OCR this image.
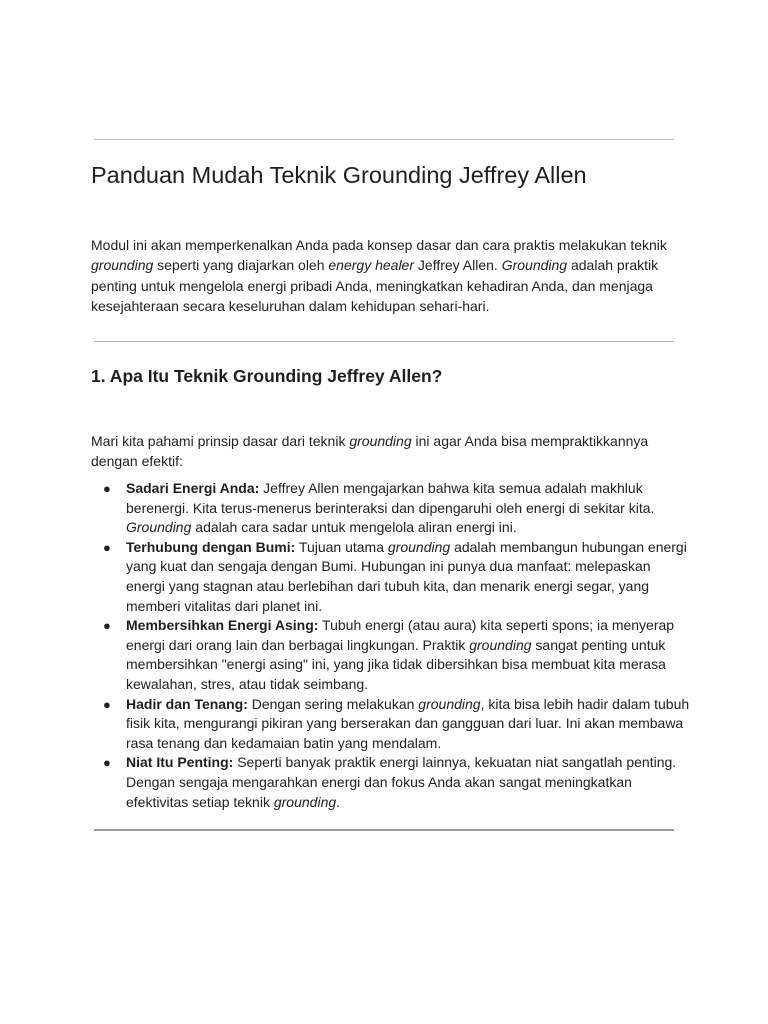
Panduan Mudah Teknik Grounding Jeffrey Allen

Modul ini akan memperkenalkan Anda pada konsep dasar dan cara praktis melakukan teknik grounding seperti yang diajarkan oleh energy healer Jeffrey Allen. Grounding adalah praktik penting untuk mengelola energi pribadi Anda, meningkatkan kehadiran Anda, dan menjaga kesejahteraan secara keseluruhan dalam kehidupan sehari-hari.

1. Apa Itu Teknik Grounding Jeffrey Allen?

Mari kita pahami prinsip dasar dari teknik grounding ini agar Anda bisa mempraktikkannya dengan efektif:

● Sadari Energi Anda: Jeffrey Allen mengajarkan bahwa kita semua adalah makhluk berenergi. Kita terus-menerus berinteraksi dan dipengaruhi oleh energi di sekitar kita. Grounding adalah cara sadar untuk mengelola aliran energi ini.
● Terhubung dengan Bumi: Tujuan utama grounding adalah membangun hubungan energi yang kuat dan sengaja dengan Bumi. Hubungan ini punya dua manfaat: melepaskan energi yang stagnan atau berlebihan dari tubuh kita, dan menarik energi segar, yang memberi vitalitas dari planet ini.
● Membersihkan Energi Asing: Tubuh energi (atau aura) kita seperti spons; ia menyerap energi dari orang lain dan berbagai lingkungan. Praktik grounding sangat penting untuk membersihkan "energi asing" ini, yang jika tidak dibersihkan bisa membuat kita merasa kewalahan, stres, atau tidak seimbang.
● Hadir dan Tenang: Dengan sering melakukan grounding, kita bisa lebih hadir dalam tubuh fisik kita, mengurangi pikiran yang berserakan dan gangguan dari luar. Ini akan membawa rasa tenang dan kedamaian batin yang mendalam.
● Niat Itu Penting: Seperti banyak praktik energi lainnya, kekuatan niat sangatlah penting. Dengan sengaja mengarahkan energi dan fokus Anda akan sangat meningkatkan efektivitas setiap teknik grounding.
